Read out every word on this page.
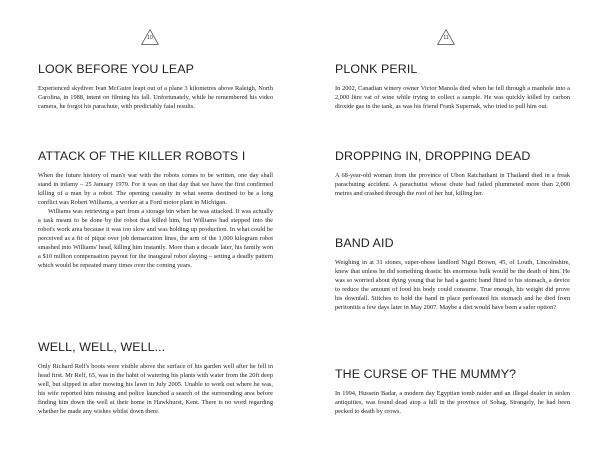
10
LOOK BEFORE YOU LEAP

Experienced skydiver Ivan McGuire leapt out of a plane 3 kilometres above Raleigh, North Carolina, in 1988, intent on filming his fall. Unfortunately, while he remembered his video camera, he forgot his parachute, with predictably fatal results.

ATTACK OF THE KILLER ROBOTS I

When the future history of man's war with the robots comes to be written, one day shall stand in infamy – 25 January 1979. For it was on that day that we have the first confirmed killing of a man by a robot. The opening casualty in what seems destined to be a long conflict was Robert Williams, a worker at a Ford motor plant in Michigan.

Williams was retrieving a part from a storage bin when he was attacked. It was actually a task meant to be done by the robot that killed him, but Williams had stepped into the robot's work area because it was too slow and was holding up production. In what could be perceived as a fit of pique over job demarcation lines, the arm of the 1,000 kilogram robot smashed into Williams' head, killing him instantly. More than a decade later, his family won a $10 million compensation payout for the inaugural robot slaying – setting a deadly pattern which would be repeated many times over the coming years.

WELL, WELL, WELL...

Only Richard Relf's boots were visible above the surface of his garden well after he fell in head first. Mr Relf, 65, was in the habit of watering his plants with water from the 20ft deep well, but slipped in after mowing his lawn in July 2005. Unable to work out where he was, his wife reported him missing and police launched a search of the surrounding area before finding him down the well at their home in Hawkhurst, Kent. There is no word regarding whether he made any wishes whilst down there.

11
PLONK PERIL

In 2002, Canadian winery owner Victor Manola died when he fell through a manhole into a 2,000 litre vat of wine while trying to collect a sample. He was quickly killed by carbon dioxide gas in the tank, as was his friend Frank Supernak, who tried to pull him out.

DROPPING IN, DROPPING DEAD

A 68-year-old woman from the province of Ubon Ratchathani in Thailand died in a freak parachuting accident. A parachutist whose chute had failed plummeted more than 2,000 metres and crashed through the roof of her hut, killing her.

BAND AID

Weighing in at 31 stones, super-obese landlord Nigel Brown, 45, of Louth, Lincolnshire, knew that unless he did something drastic his enormous bulk would be the death of him. He was so worried about dying young that he had a gastric band fitted to his stomach, a device to reduce the amount of food his body could consume. True enough, his weight did prove his downfall. Stitches to hold the band in place perforated his stomach and he died from peritonitis a few days later in May 2007. Maybe a diet would have been a safer option?

THE CURSE OF THE MUMMY?

In 1994, Hussein Badar, a modern day Egyptian tomb raider and an illegal dealer in stolen antiquities, was found dead atop a hill in the province of Sohag. Strangely, he had been pecked to death by crows.
